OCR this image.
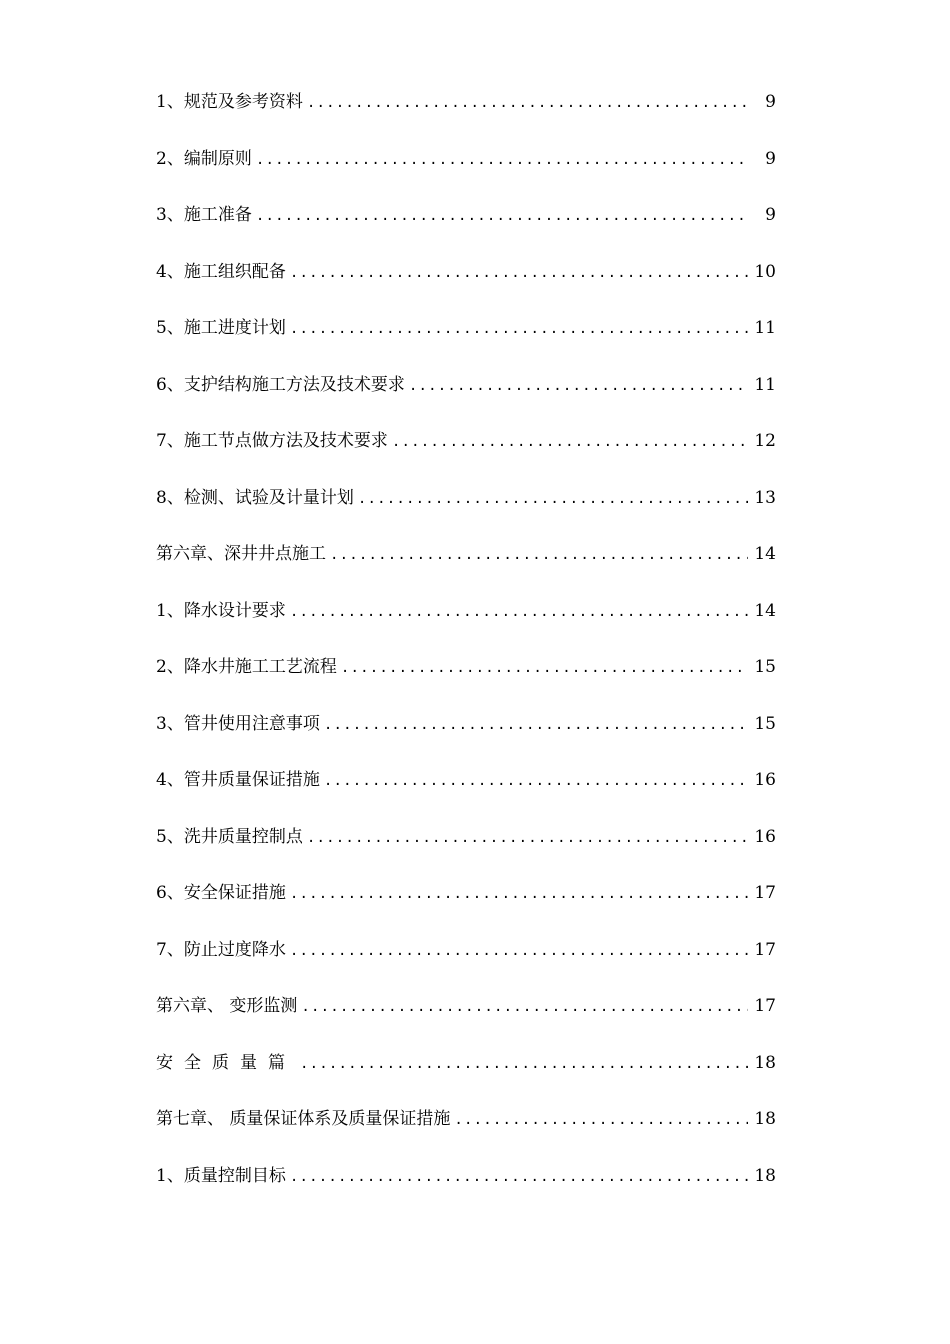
1、规范及参考资料 .....	9
2、编制原则 .....	9
3、施工准备 .....	9
4、施工组织配备 .....	10
5、施工进度计划 .....	11
6、支护结构施工方法及技术要求 .....	11
7、施工节点做方法及技术要求 .....	12
8、检测、试验及计量计划 .....	13
第六章、深井井点施工 .....	14
1、降水设计要求 .....	14
2、降水井施工工艺流程 .....	15
3、管井使用注意事项 .....	15
4、管井质量保证措施 .....	16
5、洗井质量控制点 .....	16
6、安全保证措施 .....	17
7、防止过度降水 .....	17
第六章、 变形监测 .....	17
安全质量篇 .....	18
第七章、 质量保证体系及质量保证措施 .....	18
1、质量控制目标 .....	18
